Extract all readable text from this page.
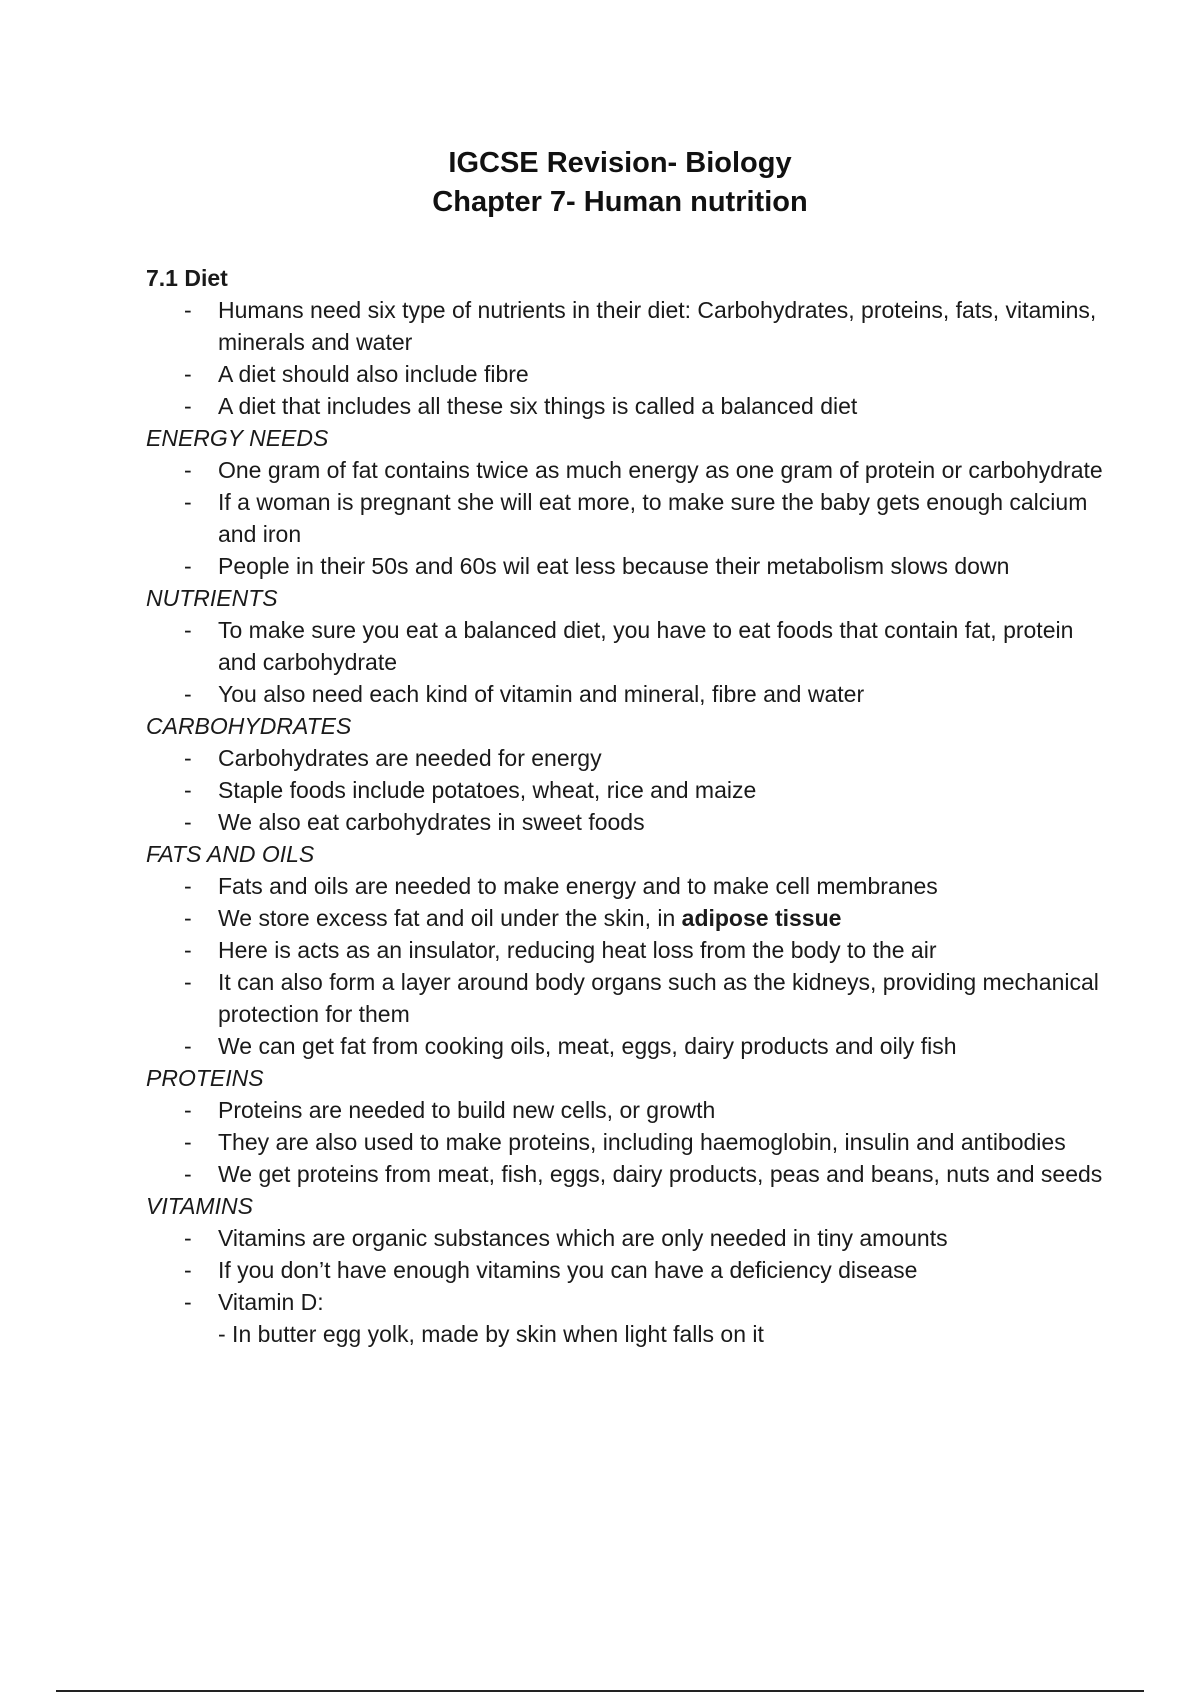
IGCSE Revision- Biology
Chapter 7- Human nutrition

7.1 Diet

- Humans need six type of nutrients in their diet: Carbohydrates, proteins, fats, vitamins, minerals and water
- A diet should also include fibre
- A diet that includes all these six things is called a balanced diet

ENERGY NEEDS

- One gram of fat contains twice as much energy as one gram of protein or carbohydrate
- If a woman is pregnant she will eat more, to make sure the baby gets enough calcium and iron
- People in their 50s and 60s wil eat less because their metabolism slows down

NUTRIENTS

- To make sure you eat a balanced diet, you have to eat foods that contain fat, protein and carbohydrate
- You also need each kind of vitamin and mineral, fibre and water

CARBOHYDRATES

- Carbohydrates are needed for energy
- Staple foods include potatoes, wheat, rice and maize
- We also eat carbohydrates in sweet foods

FATS AND OILS

- Fats and oils are needed to make energy and to make cell membranes
- We store excess fat and oil under the skin, in adipose tissue
- Here is acts as an insulator, reducing heat loss from the body to the air
- It can also form a layer around body organs such as the kidneys, providing mechanical protection for them
- We can get fat from cooking oils, meat, eggs, dairy products and oily fish

PROTEINS

- Proteins are needed to build new cells, or growth
- They are also used to make proteins, including haemoglobin, insulin and antibodies
- We get proteins from meat, fish, eggs, dairy products, peas and beans, nuts and seeds

VITAMINS

- Vitamins are organic substances which are only needed in tiny amounts
- If you don’t have enough vitamins you can have a deficiency disease
- Vitamin D:
- In butter egg yolk, made by skin when light falls on it
